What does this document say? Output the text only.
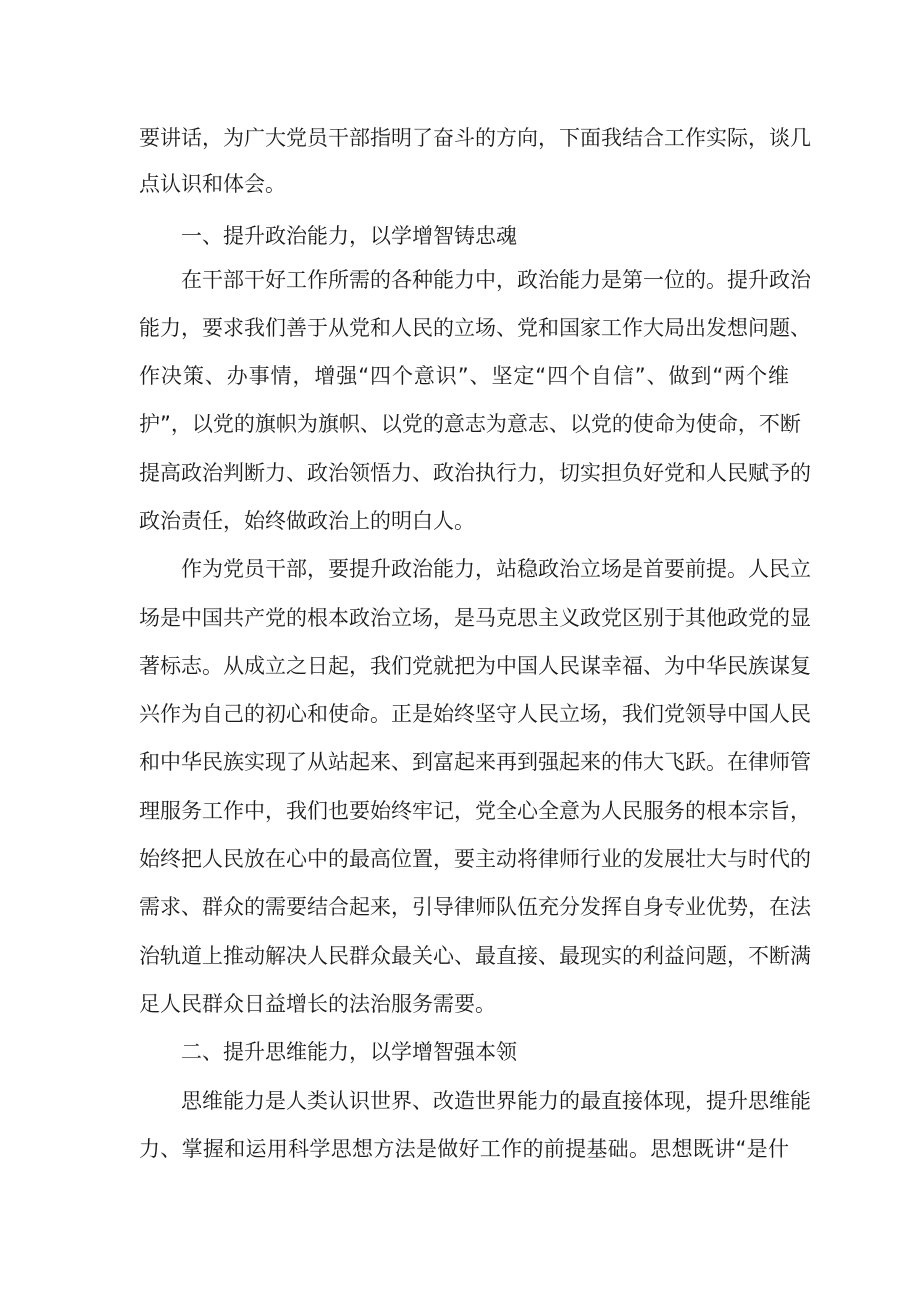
要讲话，为广大党员干部指明了奋斗的方向，下面我结合工作实际，谈几
点认识和体会。
一、提升政治能力，以学增智铸忠魂
在干部干好工作所需的各种能力中，政治能力是第一位的。提升政治
能力，要求我们善于从党和人民的立场、党和国家工作大局出发想问题、
作决策、办事情，增强“四个意识”、坚定“四个自信”、做到“两个维
护”，以党的旗帜为旗帜、以党的意志为意志、以党的使命为使命，不断
提高政治判断力、政治领悟力、政治执行力，切实担负好党和人民赋予的
政治责任，始终做政治上的明白人。
作为党员干部，要提升政治能力，站稳政治立场是首要前提。人民立
场是中国共产党的根本政治立场，是马克思主义政党区别于其他政党的显
著标志。从成立之日起，我们党就把为中国人民谋幸福、为中华民族谋复
兴作为自己的初心和使命。正是始终坚守人民立场，我们党领导中国人民
和中华民族实现了从站起来、到富起来再到强起来的伟大飞跃。在律师管
理服务工作中，我们也要始终牢记，党全心全意为人民服务的根本宗旨，
始终把人民放在心中的最高位置，要主动将律师行业的发展壮大与时代的
需求、群众的需要结合起来，引导律师队伍充分发挥自身专业优势，在法
治轨道上推动解决人民群众最关心、最直接、最现实的利益问题，不断满
足人民群众日益增长的法治服务需要。
二、提升思维能力，以学增智强本领
思维能力是人类认识世界、改造世界能力的最直接体现，提升思维能
力、掌握和运用科学思想方法是做好工作的前提基础。思想既讲“是什
